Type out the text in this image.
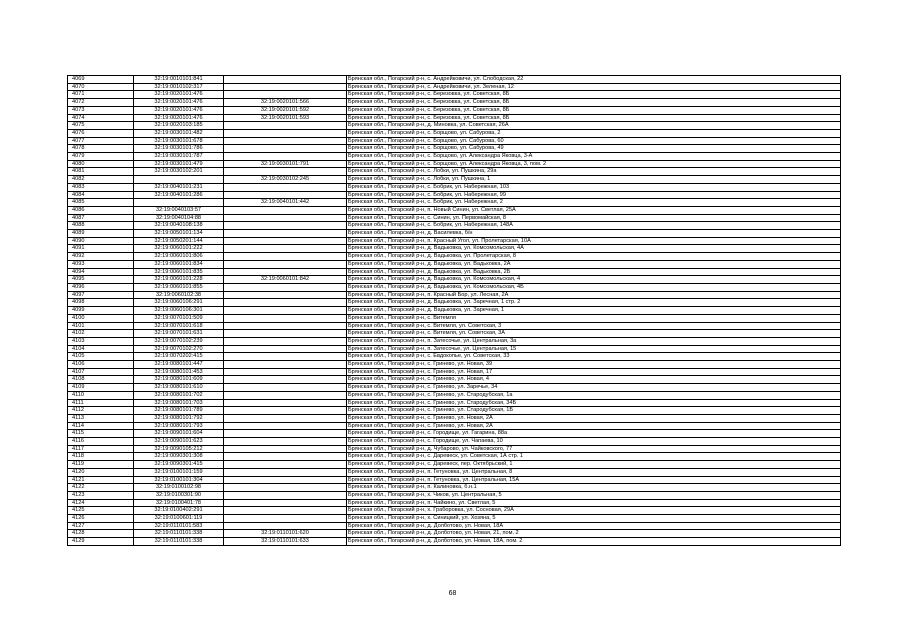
4069	32:19:0010101:841		Брянская обл., Погарский р-н, с. Андрейковичи, ул. Слободская, 22
4070	32:19:0010102:317		Брянская обл., Погарский р-н, с. Андрейковичи, ул. Зеленая, 12
4071	32:19:0020101:476		Брянская обл., Погарский р-н, с. Березовка, ул. Советская, 8Б
4072	32:19:0020101:476	32:19:0020101:566	Брянская обл., Погарский р-н, с. Березовка, ул. Советская, 8Б
4073	32:19:0020101:476	32:19:0020101:592	Брянская обл., Погарский р-н, с. Березовка, ул. Советская, 8Б
4074	32:19:0020101:476	32:19:0020101:593	Брянская обл., Погарский р-н, с. Березовка, ул. Советская, 8Б
4075	32:19:0020103:185		Брянская обл., Погарский р-н, д. Миновка, ул. Советская, 26А
4076	32:19:0030101:482		Брянская обл., Погарский р-н, с. Борщово, ул. Сабурова, 2
4077	32:19:0030101:678		Брянская обл., Погарский р-н, с. Борщово, ул. Сабурова, 60
4078	32:19:0030101:786		Брянская обл., Погарский р-н, с. Борщово, ул. Сабурова, 49
4079	32:19:0030101:787		Брянская обл., Погарский р-н, с. Борщово, ул. Александра Яковца, 3-А
4080	32:19:0030101:479	32:19:0030101:791	Брянская обл., Погарский р-н, с. Борщово, ул. Александра Яковца, 3, пом. 2
4081	32:19:0030102:201		Брянская обл., Погарский р-н, с. Лобки, ул. Пушкина, 29а
4082		32:19:0030102:245	Брянская обл., Погарский р-н, с. Лобки, ул. Пушкина, 1
4083	32:19:0040101:231		Брянская обл., Погарский р-н, с. Бобрик, ул. Набережная, 103
4084	32:19:0040101:286		Брянская обл., Погарский р-н, с. Бобрик, ул. Набережная, 99
4085		32:19:0040101:442	Брянская обл., Погарский р-н, с. Бобрик, ул. Набережная, 2
4086	32:19:0040103:57		Брянская обл., Погарский р-н, п. Новый Синин, ул. Светлая, 25А
4087	32:19:0040104:88		Брянская обл., Погарский р-н, с. Синин, ул. Первомайская, 8
4088	32:19:0040108:138		Брянская обл., Погарский р-н, с. Бобрик, ул. Набережная, 148А
4089	32:19:0050101:134		Брянская обл., Погарский р-н, д. Василевка, б/н
4090	32:19:0050201:144		Брянская обл., Погарский р-н, п. Красный Угол, ул. Пролетарская, 10А
4091	32:19:0060101:222		Брянская обл., Погарский р-н, д. Вадьковка, ул. Комсомольская, 4А
4092	32:19:0060101:806		Брянская обл., Погарский р-н, д. Вадьковка, ул. Пролетарская, 8
4093	32:19:0060101:834		Брянская обл., Погарский р-н, д. Вадьковка, ул. Вадьковка, 2А
4094	32:19:0060101:835		Брянская обл., Погарский р-н, д. Вадьковка, ул. Вадьковка, 2Б
4095	32:19:0060101:228	32:19:0060101:842	Брянская обл., Погарский р-н, д. Вадьковка, ул. Комсомольская, 4
4096	32:19:0060101:855		Брянская обл., Погарский р-н, д. Вадьковка, ул. Комсомольская, 4Б
4097	32:19:0060102:38		Брянская обл., Погарский р-н, п. Красный Бор, ул. Лесная, 2А
4098	32:19:0060106:291		Брянская обл., Погарский р-н, д. Вадьковка, ул. Заречная, 1 стр. 2
4099	32:19:0060106:301		Брянская обл., Погарский р-н, д. Вадьковка, ул. Заречная, 1
4100	32:19:0070101:509		Брянская обл., Погарский р-н, с. Витемля
4101	32:19:0070101:618		Брянская обл., Погарский р-н, с. Витемля, ул. Советская, 3
4102	32:19:0070101:631		Брянская обл., Погарский р-н, с. Витемля, ул. Советская, 3А
4103	32:19:0070102:239		Брянская обл., Погарский р-н, п. Затесочье, ул. Центральная, 3а
4104	32:19:0070102:270		Брянская обл., Погарский р-н, п. Затесочье, ул. Центральная, 15
4105	32:19:0070202:415		Брянская обл., Погарский р-н, с. Евдокопье, ул. Советская, 33
4106	32:19:0080101:447		Брянская обл., Погарский р-н, с. Гринево, ул. Новая, 39
4107	32:19:0080101:453		Брянская обл., Погарский р-н, с. Гринево, ул. Новая, 17
4108	32:19:0080101:609		Брянская обл., Погарский р-н, с. Гринево, ул. Новая, 4
4109	32:19:0080101:610		Брянская обл., Погарский р-н, с. Гринево, ул. Заречье, 34
4110	32:19:0080101:702		Брянская обл., Погарский р-н, с. Гринево, ул. Стародубская, 1а
4111	32:19:0080101:703		Брянская обл., Погарский р-н, с. Гринево, ул. Стародубская, 34Б
4112	32:19:0080101:789		Брянская обл., Погарский р-н, с. Гринево, ул. Стародубская, 1Б
4113	32:19:0080101:792		Брянская обл., Погарский р-н, с. Гринево, ул. Новая, 2А
4114	32:19:0080101:793		Брянская обл., Погарский р-н, с. Гринево, ул. Новая, 2А
4115	32:19:0090101:604		Брянская обл., Погарский р-н, с. Городище, ул. Гагарина, 88а
4116	32:19:0090101:623		Брянская обл., Погарский р-н, с. Городище, ул. Чапаева, 10
4117	32:19:0090105:212		Брянская обл., Погарский р-н, д. Чубарово, ул. Чайковского, 77
4118	32:19:0090301:308		Брянская обл., Погарский р-н, с. Даревеск, ул. Советская, 1А стр. 1
4119	32:19:0090301:415		Брянская обл., Погарский р-н, с. Даревеск, пер. Октябрьский, 1
4120	32:19:0100101:159		Брянская обл., Погарский р-н, п. Гетуновка, ул. Центральная, 8
4121	32:19:0100101:304		Брянская обл., Погарский р-н, п. Гетуновка, ул. Центральная, 15А
4122	32:19:0100102:98		Брянская обл., Погарский р-н, п. Калиновка, б.н.1
4123	32:19:0100301:90		Брянская обл., Погарский р-н, х. Чиков, ул. Центральная, 5
4124	32:19:0100401:78		Брянская обл., Погарский р-н, п. Чайкино, ул. Светлая, 5
4125	32:19:0100402:291		Брянская обл., Погарский р-н, х. Граборовка, ул. Сосновая, 29А
4126	32:19:0100601:119		Брянская обл., Погарский р-н, х. Синицкий, ул. Хозяна, 5
4127	32:19:0110101:583		Брянская обл., Погарский р-н, д. Долботово, ул. Новая, 18А
4128	32:19:0110101:338	32:19:0110101:620	Брянская обл., Погарский р-н, д. Долботово, ул. Новая, 21, пом. 2
4129	32:19:0110101:338	32:19:0110101:633	Брянская обл., Погарский р-н, д. Долботово, ул. Новая, 18А, пом. 2
68
